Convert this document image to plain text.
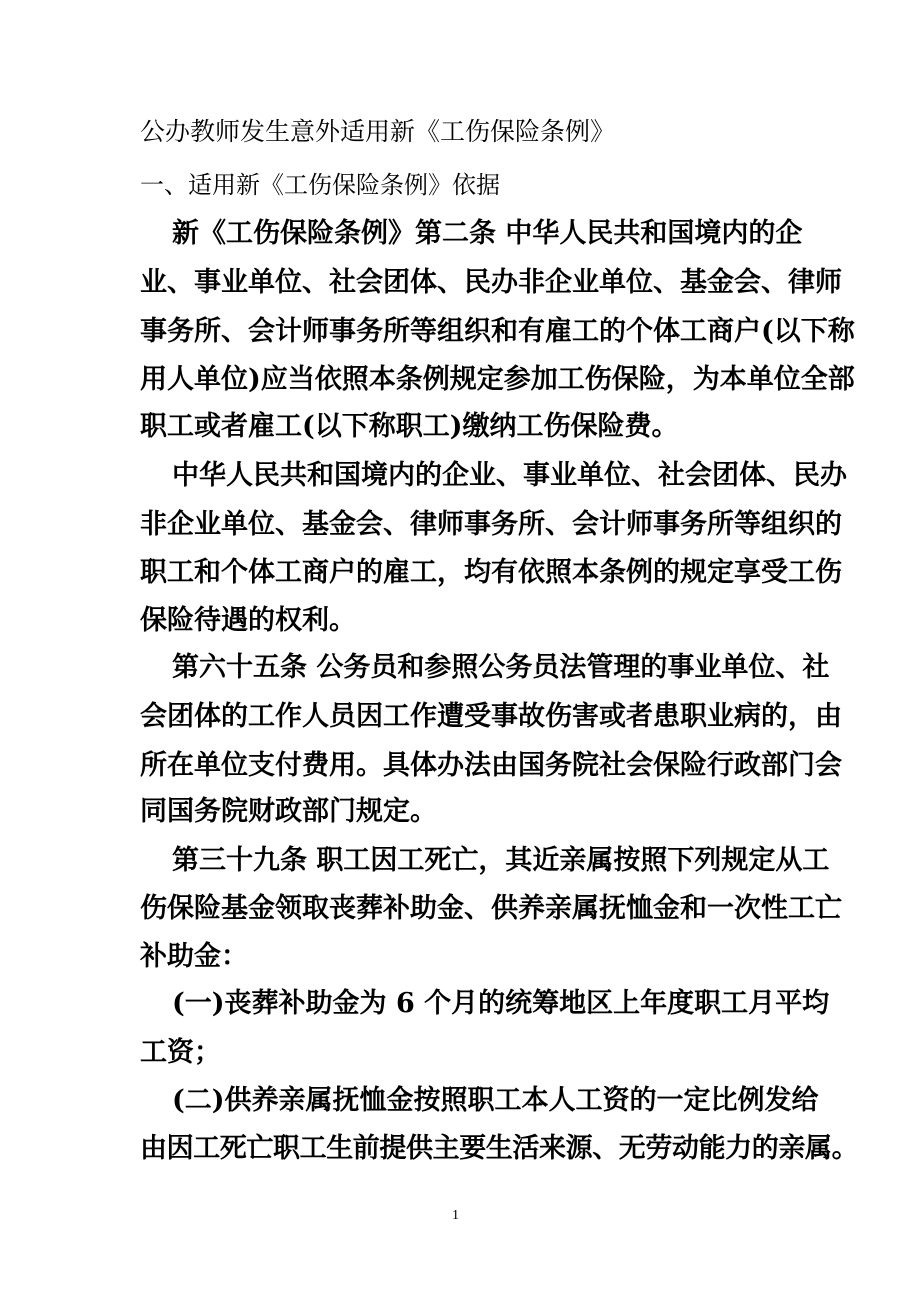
公办教师发生意外适用新《工伤保险条例》
一、适用新《工伤保险条例》依据
新《工伤保险条例》第二条 中华人民共和国境内的企
业、事业单位、社会团体、民办非企业单位、基金会、律师
事务所、会计师事务所等组织和有雇工的个体工商户(以下称
用人单位)应当依照本条例规定参加工伤保险，为本单位全部
职工或者雇工(以下称职工)缴纳工伤保险费。
中华人民共和国境内的企业、事业单位、社会团体、民办
非企业单位、基金会、律师事务所、会计师事务所等组织的
职工和个体工商户的雇工，均有依照本条例的规定享受工伤
保险待遇的权利。
第六十五条 公务员和参照公务员法管理的事业单位、社
会团体的工作人员因工作遭受事故伤害或者患职业病的，由
所在单位支付费用。具体办法由国务院社会保险行政部门会
同国务院财政部门规定。
第三十九条 职工因工死亡，其近亲属按照下列规定从工
伤保险基金领取丧葬补助金、供养亲属抚恤金和一次性工亡
补助金：
(一)丧葬补助金为 6 个月的统筹地区上年度职工月平均
工资；
(二)供养亲属抚恤金按照职工本人工资的一定比例发给
由因工死亡职工生前提供主要生活来源、无劳动能力的亲属。
1
